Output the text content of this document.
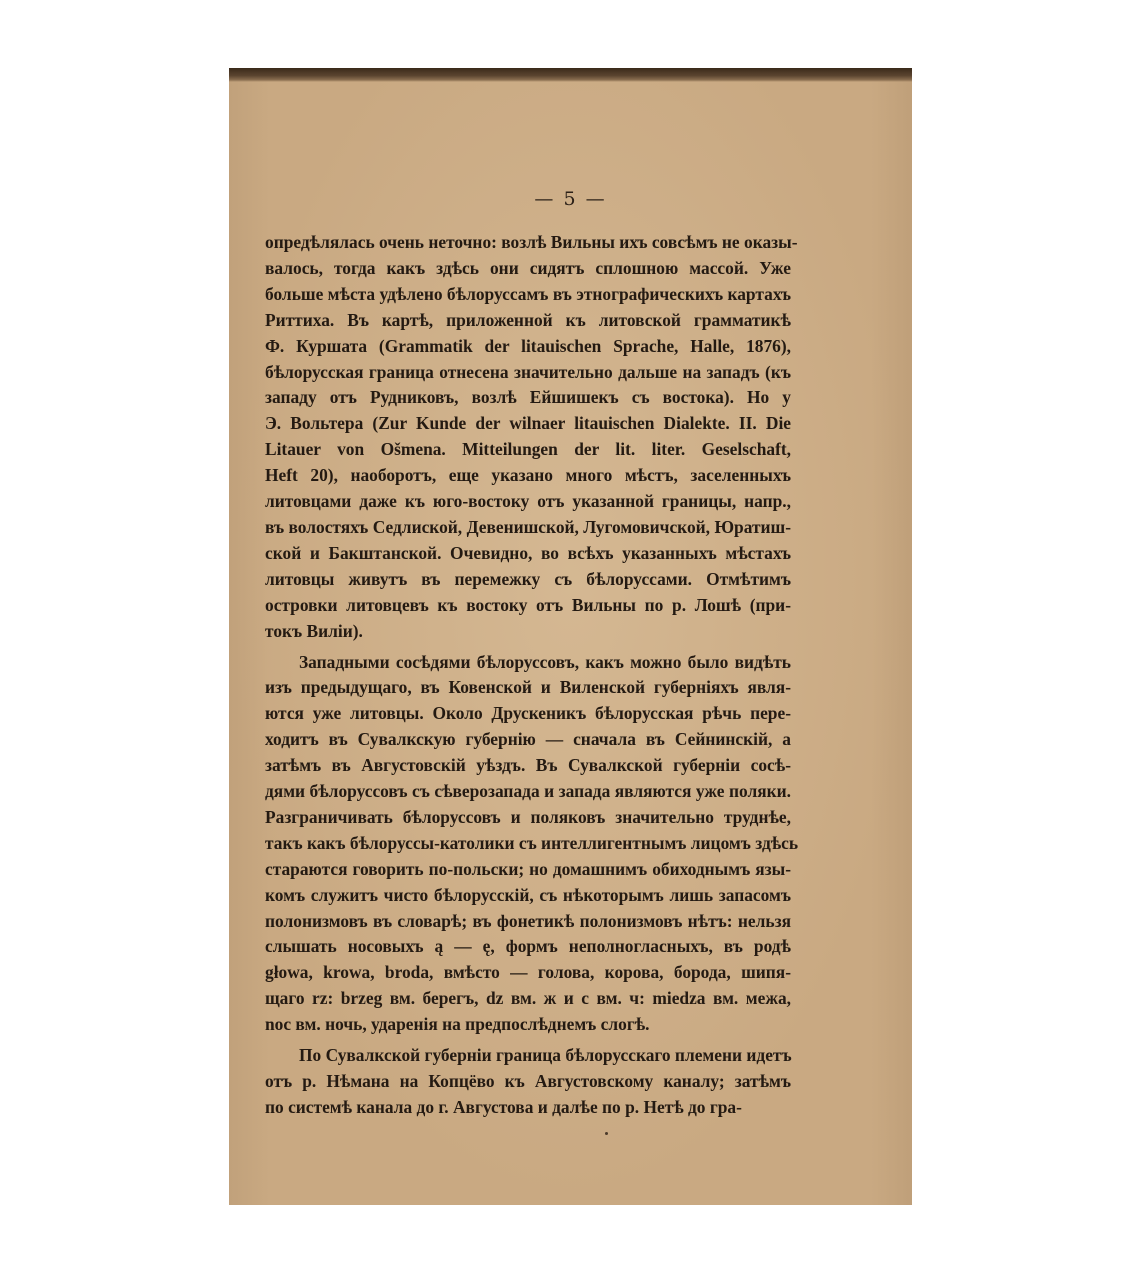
— 5 —
опредѣлялась очень неточно: возлѣ Вильны ихъ совсѣмъ не оказы-
валось, тогда какъ здѣсь они сидятъ сплошною массой. Уже
больше мѣста удѣлено бѣлоруссамъ въ этнографическихъ картахъ
Риттиха. Въ картѣ, приложенной къ литовской грамматикѣ
Ф. Куршата (Grammatik der litauischen Sprache, Halle, 1876),
бѣлорусская граница отнесена значительно дальше на западъ (къ
западу отъ Рудниковъ, возлѣ Ейшишекъ съ востока). Но у
Э. Вольтера (Zur Kunde der wilnaer litauischen Dialekte. II. Die
Litauer von Ošmena. Mitteilungen der lit. liter. Geselschaft,
Heft 20), наоборотъ, еще указано много мѣстъ, заселенныхъ
литовцами даже къ юго-востоку отъ указанной границы, напр.,
въ волостяхъ Седлиской, Девенишской, Лугомовичской, Юратиш-
ской и Бакштанской. Очевидно, во всѣхъ указанныхъ мѣстахъ
литовцы живутъ въ перемежку съ бѣлоруссами. Отмѣтимъ
островки литовцевъ къ востоку отъ Вильны по р. Лошѣ (при-
токъ Виліи).
Западными сосѣдями бѣлоруссовъ, какъ можно было видѣть
изъ предыдущаго, въ Ковенской и Виленской губерніяхъ явля-
ются уже литовцы. Около Друскеникъ бѣлорусская рѣчь пере-
ходитъ въ Сувалкскую губернію — сначала въ Сейнинскій, а
затѣмъ въ Августовскій уѣздъ. Въ Сувалкской губерніи сосѣ-
дями бѣлоруссовъ съ сѣверозапада и запада являются уже поляки.
Разграничивать бѣлоруссовъ и поляковъ значительно труднѣе,
такъ какъ бѣлоруссы-католики съ интеллигентнымъ лицомъ здѣсь
стараются говорить по-польски; но домашнимъ обиходнымъ язы-
комъ служитъ чисто бѣлорусскій, съ нѣкоторымъ лишь запасомъ
полонизмовъ въ словарѣ; въ фонетикѣ полонизмовъ нѣтъ: нельзя
слышать носовыхъ ą — ę, формъ неполногласныхъ, въ родѣ
głowa, krowa, broda, вмѣсто — голова, корова, борода, шипя-
щаго rz: brzeg вм. берегъ, dz вм. ж и c вм. ч: miedza вм. межа,
noc вм. ночь, ударенія на предпослѣднемъ слогѣ.
По Сувалкской губерніи граница бѣлорусскаго племени идетъ
отъ р. Нѣмана на Копцёво къ Августовскому каналу; затѣмъ
по системѣ канала до г. Августова и далѣе по р. Нетѣ до гра-
